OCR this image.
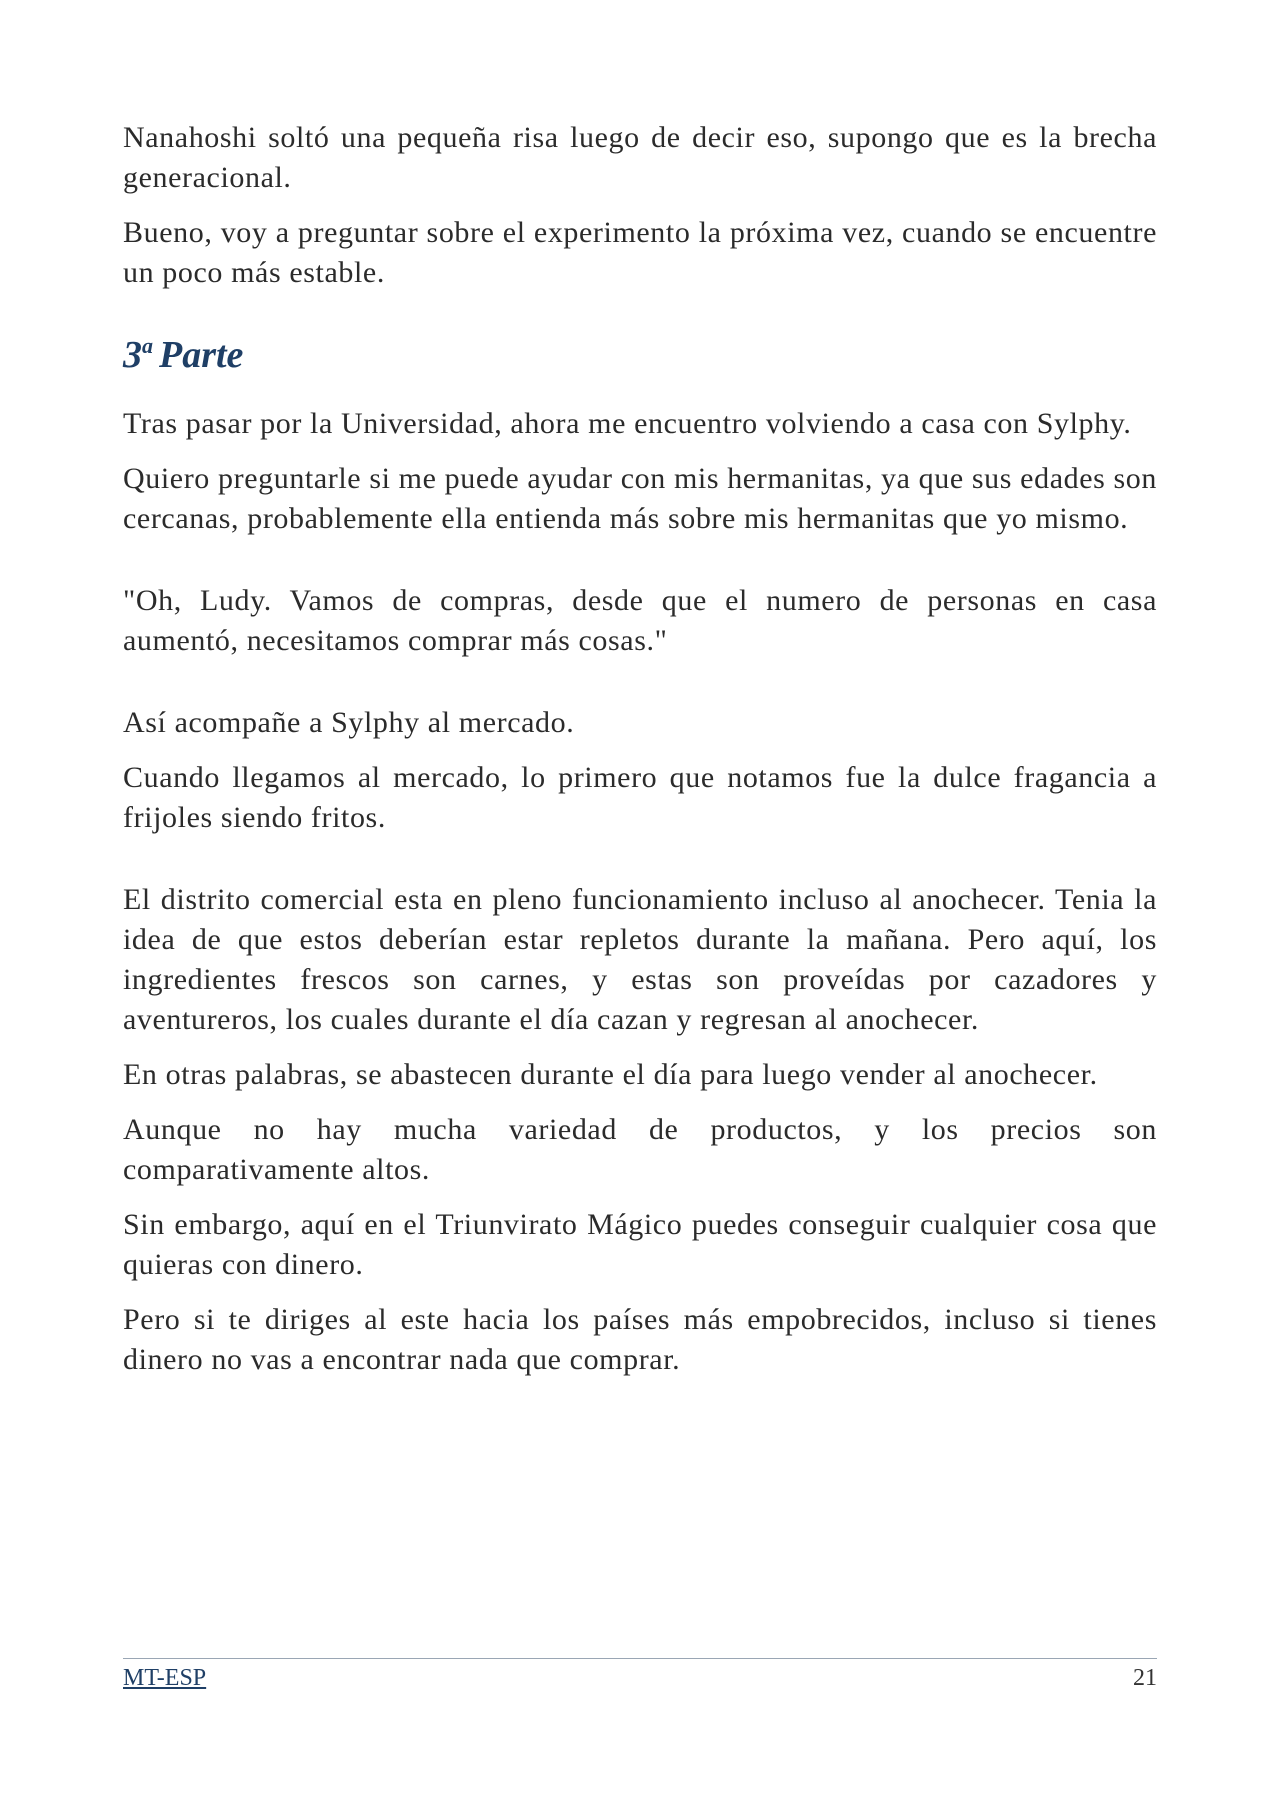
Nanahoshi soltó una pequeña risa luego de decir eso, supongo que es la brecha generacional.

Bueno, voy a preguntar sobre el experimento la próxima vez, cuando se encuentre un poco más estable.

3$^a$ Parte

Tras pasar por la Universidad, ahora me encuentro volviendo a casa con Sylphy.

Quiero preguntarle si me puede ayudar con mis hermanitas, ya que sus edades son cercanas, probablemente ella entienda más sobre mis hermanitas que yo mismo.

"Oh, Ludy. Vamos de compras, desde que el numero de personas en casa aumentó, necesitamos comprar más cosas."

Así acompañe a Sylphy al mercado.

Cuando llegamos al mercado, lo primero que notamos fue la dulce fragancia a frijoles siendo fritos.

El distrito comercial esta en pleno funcionamiento incluso al anochecer. Tenia la idea de que estos deberían estar repletos durante la mañana. Pero aquí, los ingredientes frescos son carnes, y estas son proveídas por cazadores y aventureros, los cuales durante el día cazan y regresan al anochecer.

En otras palabras, se abastecen durante el día para luego vender al anochecer.

Aunque no hay mucha variedad de productos, y los precios son comparativamente altos.

Sin embargo, aquí en el Triunvirato Mágico puedes conseguir cualquier cosa que quieras con dinero.

Pero si te diriges al este hacia los países más empobrecidos, incluso si tienes dinero no vas a encontrar nada que comprar.

MT-ESP	21
